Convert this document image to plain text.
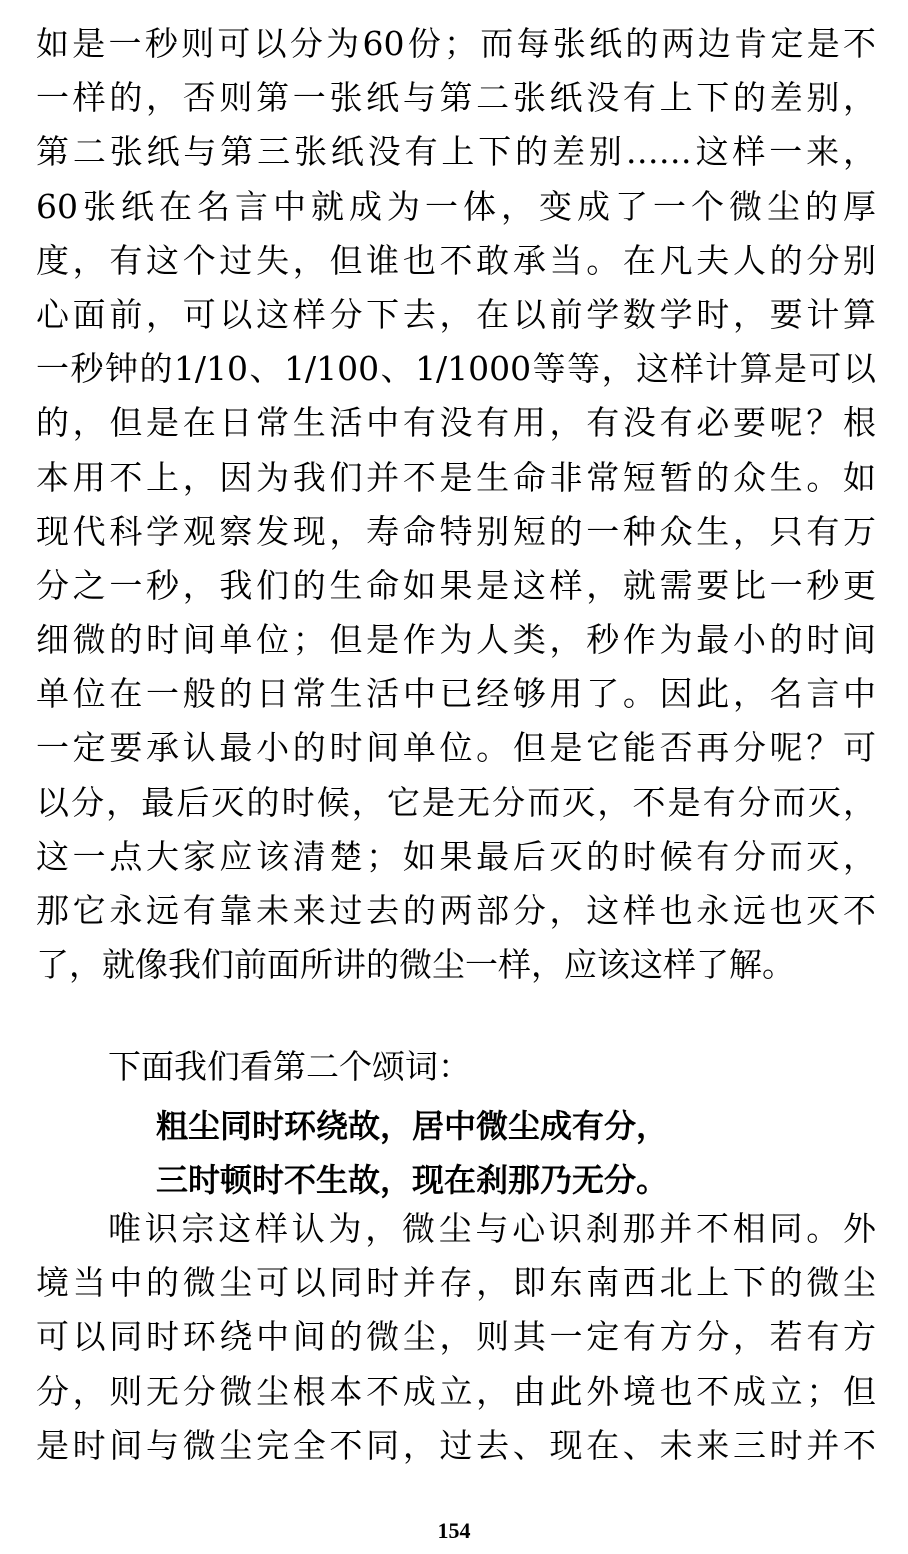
如是一秒则可以分为60份；而每张纸的两边肯定是不
一样的，否则第一张纸与第二张纸没有上下的差别，
第二张纸与第三张纸没有上下的差别……这样一来，
60张纸在名言中就成为一体，变成了一个微尘的厚
度，有这个过失，但谁也不敢承当。在凡夫人的分别
心面前，可以这样分下去，在以前学数学时，要计算
一秒钟的1/10、1/100、1/1000等等，这样计算是可以
的，但是在日常生活中有没有用，有没有必要呢？根
本用不上，因为我们并不是生命非常短暂的众生。如
现代科学观察发现，寿命特别短的一种众生，只有万
分之一秒，我们的生命如果是这样，就需要比一秒更
细微的时间单位；但是作为人类，秒作为最小的时间
单位在一般的日常生活中已经够用了。因此，名言中
一定要承认最小的时间单位。但是它能否再分呢？可
以分，最后灭的时候，它是无分而灭，不是有分而灭，
这一点大家应该清楚；如果最后灭的时候有分而灭，
那它永远有靠未来过去的两部分，这样也永远也灭不
了，就像我们前面所讲的微尘一样，应该这样了解。
下面我们看第二个颂词：
粗尘同时环绕故，居中微尘成有分，
三时顿时不生故，现在刹那乃无分。
唯识宗这样认为，微尘与心识刹那并不相同。外
境当中的微尘可以同时并存，即东南西北上下的微尘
可以同时环绕中间的微尘，则其一定有方分，若有方
分，则无分微尘根本不成立，由此外境也不成立；但
是时间与微尘完全不同，过去、现在、未来三时并不
154
